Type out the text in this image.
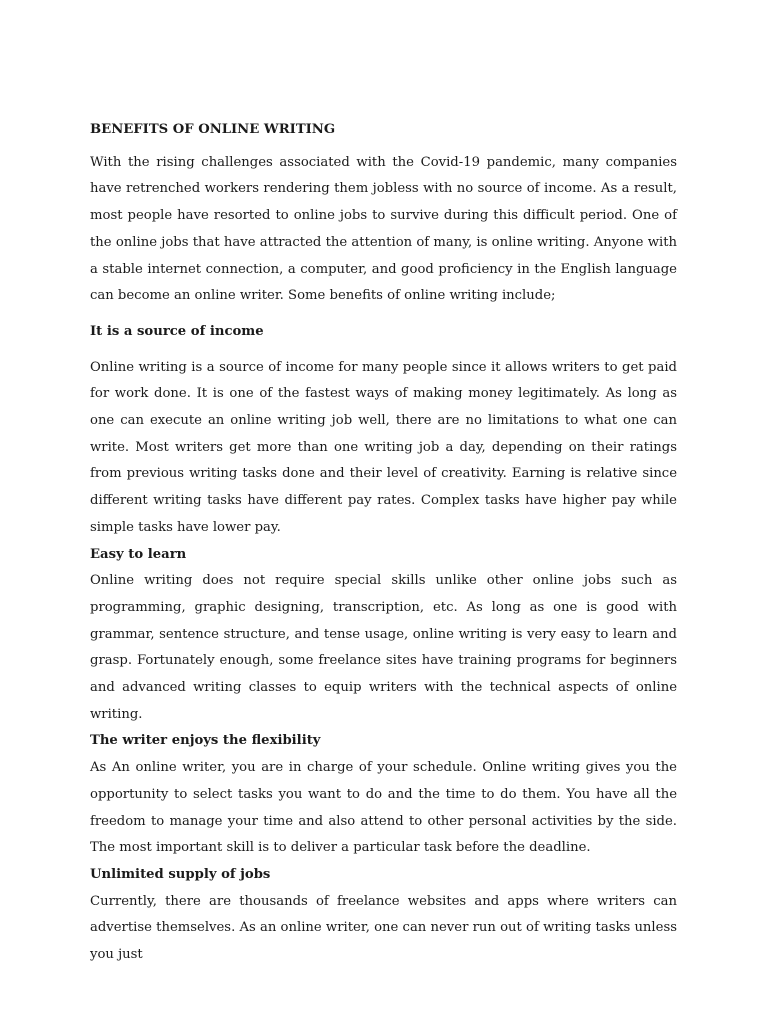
BENEFITS OF ONLINE WRITING

With the rising challenges associated with the Covid-19 pandemic, many companies have retrenched workers rendering them jobless with no source of income. As a result, most people have resorted to online jobs to survive during this difficult period. One of the online jobs that have attracted the attention of many, is online writing. Anyone with a stable internet connection, a computer, and good proficiency in the English language can become an online writer. Some benefits of online writing include;

It is a source of income

Online writing is a source of income for many people since it allows writers to get paid for work done. It is one of the fastest ways of making money legitimately. As long as one can execute an online writing job well, there are no limitations to what one can write. Most writers get more than one writing job a day, depending on their ratings from previous writing tasks done and their level of creativity. Earning is relative since different writing tasks have different pay rates. Complex tasks have higher pay while simple tasks have lower pay.

Easy to learn

Online writing does not require special skills unlike other online jobs such as programming, graphic designing, transcription, etc. As long as one is good with grammar, sentence structure, and tense usage, online writing is very easy to learn and grasp. Fortunately enough, some freelance sites have training programs for beginners and advanced writing classes to equip writers with the technical aspects of online writing.

The writer enjoys the flexibility

As An online writer, you are in charge of your schedule. Online writing gives you the opportunity to select tasks you want to do and the time to do them. You have all the freedom to manage your time and also attend to other personal activities by the side. The most important skill is to deliver a particular task before the deadline.

Unlimited supply of jobs

Currently, there are thousands of freelance websites and apps where writers can advertise themselves. As an online writer, one can never run out of writing tasks unless you just
